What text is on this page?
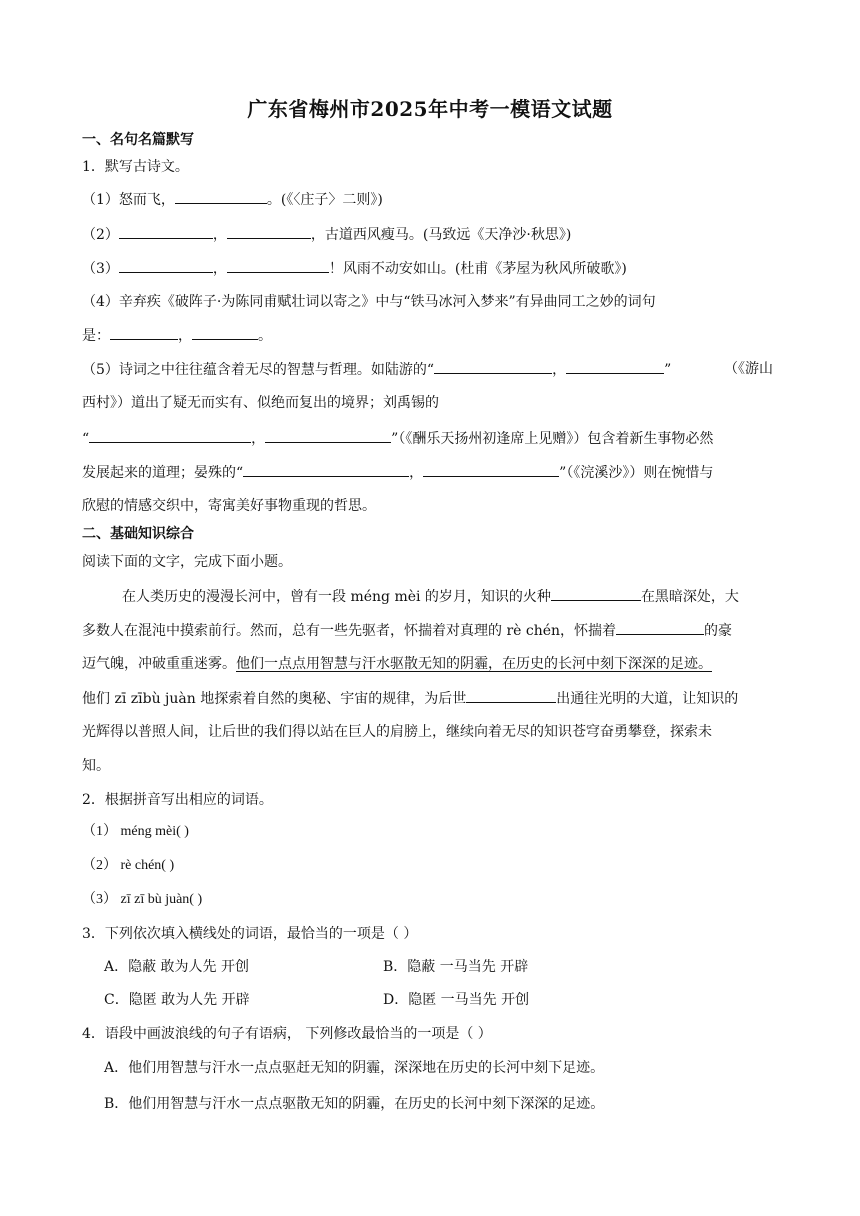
广东省梅州市2025年中考一模语文试题
一、名句名篇默写
1．默写古诗文。
（1）怒而飞，	。(《〈庄子〉二则》)
（2）	，	，古道西风瘦马。(马致远《天净沙·秋思》)
（3）	，	！风雨不动安如山。(杜甫《茅屋为秋风所破歌》)
（4）辛弃疾《破阵子·为陈同甫赋壮词以寄之》中与“铁马冰河入梦来”有异曲同工之妙的词句
是：	，	。
（5）诗词之中往往蕴含着无尽的智慧与哲理。如陆游的“	，	”	（《游山
西村》）道出了疑无而实有、似绝而复出的境界；刘禹锡的
“	，	”（《酬乐天扬州初逢席上见赠》）包含着新生事物必然
发展起来的道理；晏殊的“	，	”（《浣溪沙》）则在惋惜与
欣慰的情感交织中，寄寓美好事物重现的哲思。
二、基础知识综合
阅读下面的文字，完成下面小题。
在人类历史的漫漫长河中，曾有一段 méng mèi 的岁月，知识的火种	在黑暗深处，大
多数人在混沌中摸索前行。然而，总有一些先驱者，怀揣着对真理的 rè chén，怀揣着	的豪
迈气魄，冲破重重迷雾。他们一点点用智慧与汗水驱散无知的阴霾，在历史的长河中刻下深深的足迹。
他们 zī zībù juàn 地探索着自然的奥秘、宇宙的规律，为后世	出通往光明的大道，让知识的
光辉得以普照人间，让后世的我们得以站在巨人的肩膀上，继续向着无尽的知识苍穹奋勇攀登，探索未
知。
2．根据拼音写出相应的词语。
（1） méng mèi( )
（2） rè chén( )
（3） zī zī bù juàn( )
3．下列依次填入横线处的词语，最恰当的一项是（ ）
A．隐蔽 敢为人先 开创	B．隐蔽 一马当先 开辟
C．隐匿 敢为人先 开辟	D．隐匿 一马当先 开创
4．语段中画波浪线的句子有语病， 下列修改最恰当的一项是（ ）
A．他们用智慧与汗水一点点驱赶无知的阴霾，深深地在历史的长河中刻下足迹。
B．他们用智慧与汗水一点点驱散无知的阴霾，在历史的长河中刻下深深的足迹。
